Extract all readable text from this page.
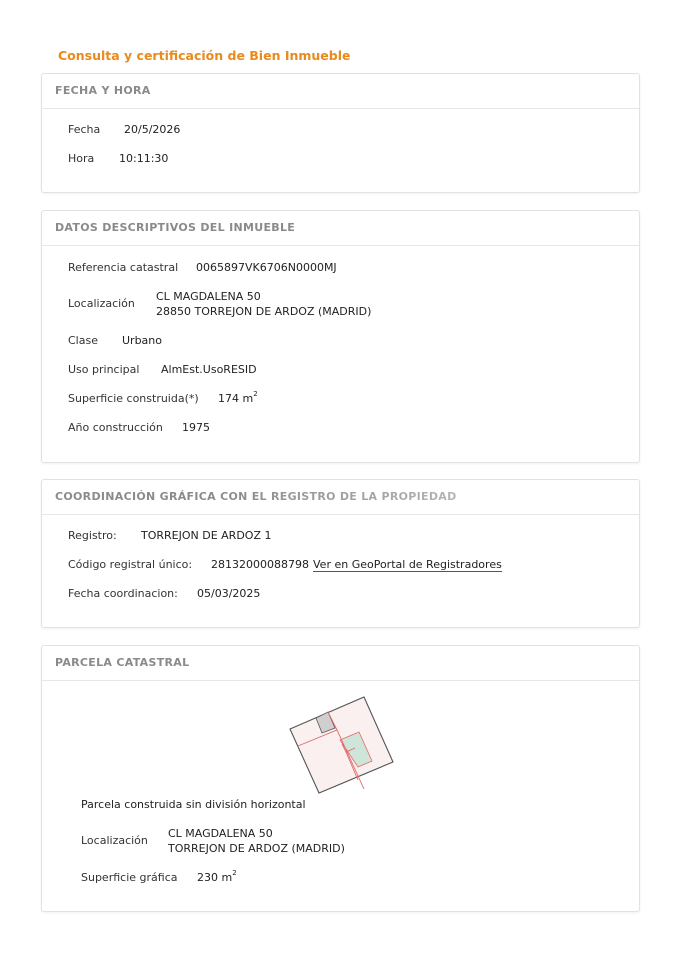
Consulta y certificación de Bien Inmueble
FECHA Y HORA
Fecha 20/5/2026
Hora 10:11:30
DATOS DESCRIPTIVOS DEL INMUEBLE
Referencia catastral 0065897VK6706N0000MJ
Localización
CL MAGDALENA 50
28850 TORREJON DE ARDOZ (MADRID)
Clase Urbano
Uso principal AlmEst.UsoRESID
Superficie construida(*) 174 $m^2$
Año construcción 1975
COORDINACIÓN GRÁFICA CON EL REGISTRO DE LA PROPIEDAD
Registro: TORREJON DE ARDOZ 1
Código registral único: 28132000088798 Ver en GeoPortal de Registradores
Fecha coordinacion: 05/03/2025
PARCELA CATASTRAL
Parcela construida sin división horizontal
Localización
CL MAGDALENA 50
TORREJON DE ARDOZ (MADRID)
Superficie gráfica 230 $m^2$
